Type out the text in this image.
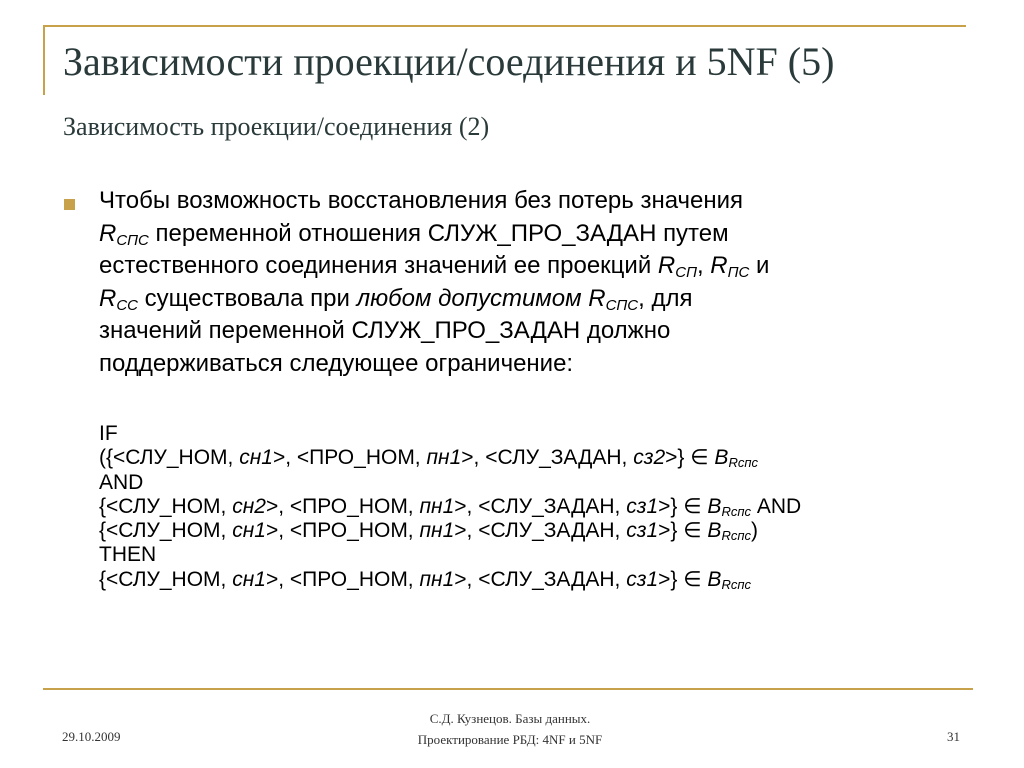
Зависимости проекции/соединения и 5NF (5)
Зависимость проекции/соединения (2)
Чтобы возможность восстановления без потерь значения
$R_{СПС}$ переменной отношения СЛУЖ_ПРО_ЗАДАН путем
естественного соединения значений ее проекций $R_{СП}$, $R_{ПС}$ и
$R_{СС}$ существовала при любом допустимом $R_{СПС}$, для
значений переменной СЛУЖ_ПРО_ЗАДАН должно
поддерживаться следующее ограничение:
IF
({<СЛУ_НОМ, сн1>, <ПРО_НОМ, пн1>, <СЛУ_ЗАДАН, сз2>} ∈ $B_{Rспс}$
AND
{<СЛУ_НОМ, сн2>, <ПРО_НОМ, пн1>, <СЛУ_ЗАДАН, сз1>} ∈ $B_{Rспс}$ AND
{<СЛУ_НОМ, сн1>, <ПРО_НОМ, пн1>, <СЛУ_ЗАДАН, сз1>} ∈ $B_{Rспс}$)
THEN
{<СЛУ_НОМ, сн1>, <ПРО_НОМ, пн1>, <СЛУ_ЗАДАН, сз1>} ∈ $B_{Rспс}$
29.10.2009
С.Д. Кузнецов. Базы данных.
Проектирование РБД: 4NF и 5NF	31
